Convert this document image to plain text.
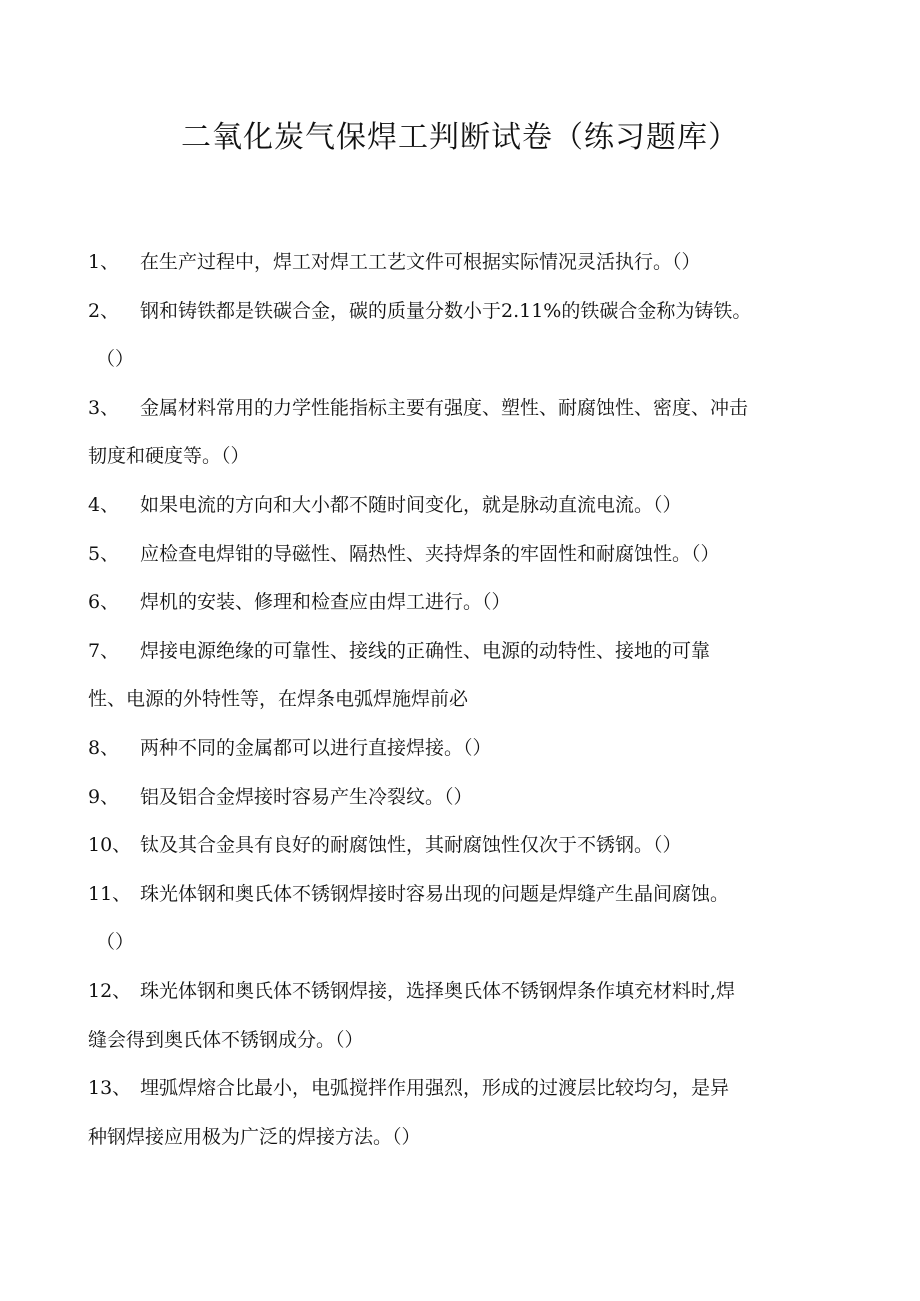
二氧化炭气保焊工判断试卷（练习题库）
1、	在生产过程中，焊工对焊工工艺文件可根据实际情况灵活执行。（）
2、	钢和铸铁都是铁碳合金，碳的质量分数小于2.11%的铁碳合金称为铸铁。
（）
3、	金属材料常用的力学性能指标主要有强度、塑性、耐腐蚀性、密度、冲击
韧度和硬度等。（）
4、	如果电流的方向和大小都不随时间变化，就是脉动直流电流。（）
5、	应检查电焊钳的导磁性、隔热性、夹持焊条的牢固性和耐腐蚀性。（）
6、	焊机的安装、修理和检查应由焊工进行。（）
7、	焊接电源绝缘的可靠性、接线的正确性、电源的动特性、接地的可靠
性、电源的外特性等，在焊条电弧焊施焊前必
8、	两种不同的金属都可以进行直接焊接。（）
9、	铝及铝合金焊接时容易产生冷裂纹。（）
10、 钛及其合金具有良好的耐腐蚀性，其耐腐蚀性仅次于不锈钢。（）
11、 珠光体钢和奥氏体不锈钢焊接时容易出现的问题是焊缝产生晶间腐蚀。
（）
12、 珠光体钢和奥氏体不锈钢焊接，选择奥氏体不锈钢焊条作填充材料时,焊
缝会得到奥氏体不锈钢成分。（）
13、 埋弧焊熔合比最小，电弧搅拌作用强烈，形成的过渡层比较均匀，是异
种钢焊接应用极为广泛的焊接方法。（）
